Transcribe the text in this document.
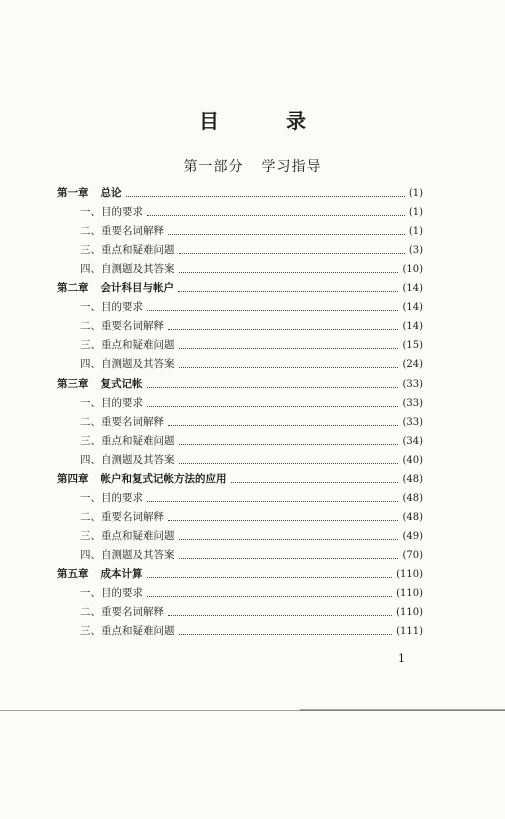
目 录
第一部分 学习指导
第一章 总论	(1)
一、 目的要求	(1)
二、 重要名词解释	(1)
三、 重点和疑难问题	(3)
四、 自测题及其答案	(10)
第二章 会计科目与帐户	(14)
一、 目的要求	(14)
二、 重要名词解释	(14)
三、 重点和疑难问题	(15)
四、 自测题及其答案	(24)
第三章 复式记帐	(33)
一、 目的要求	(33)
二、 重要名词解释	(33)
三、 重点和疑难问题	(34)
四、 自测题及其答案	(40)
第四章 帐户和复式记帐方法的应用	(48)
一、 目的要求	(48)
二、 重要名词解释	(48)
三、 重点和疑难问题	(49)
四、 自测题及其答案	(70)
第五章 成本计算	(110)
一、 目的要求	(110)
二、 重要名词解释	(110)
三、 重点和疑难问题	(111)
1
